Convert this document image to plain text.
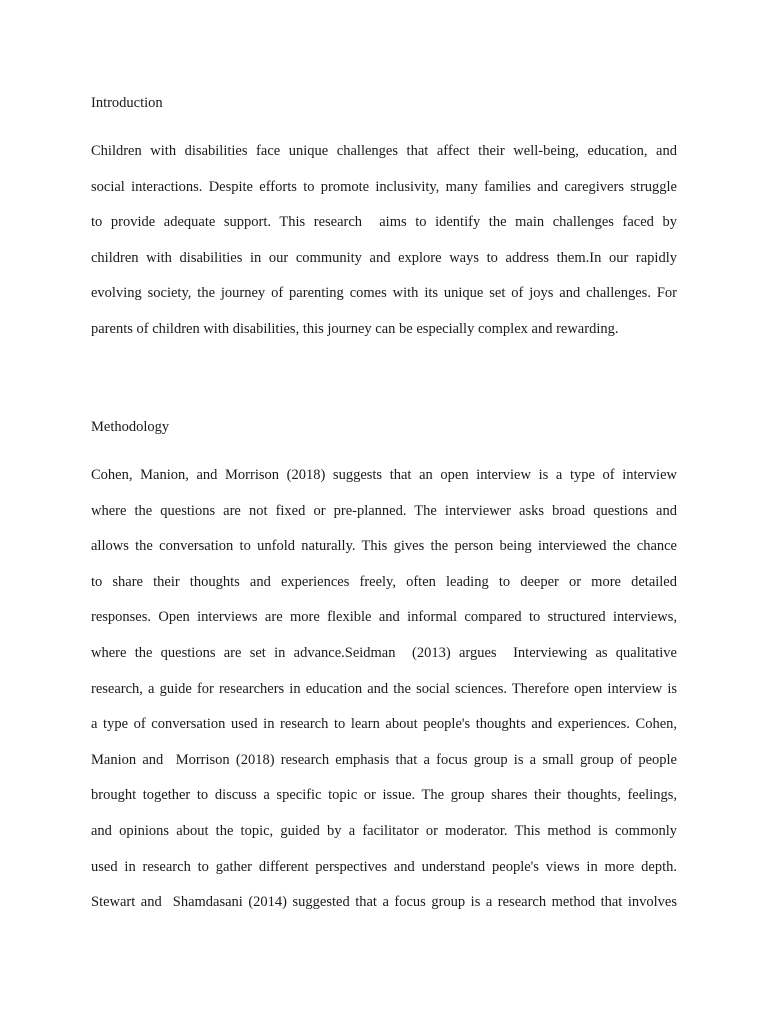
Introduction
Children with disabilities face unique challenges that affect their well-being, education, and
social interactions. Despite efforts to promote inclusivity, many families and caregivers struggle
to provide adequate support. This research  aims to identify the main challenges faced by
children with disabilities in our community and explore ways to address them.In our rapidly
evolving society, the journey of parenting comes with its unique set of joys and challenges. For
parents of children with disabilities, this journey can be especially complex and rewarding.
Methodology
Cohen, Manion, and Morrison (2018) suggests that an open interview is a type of interview
where the questions are not fixed or pre-planned. The interviewer asks broad questions and
allows the conversation to unfold naturally. This gives the person being interviewed the chance
to share their thoughts and experiences freely, often leading to deeper or more detailed
responses. Open interviews are more flexible and informal compared to structured interviews,
where the questions are set in advance.Seidman  (2013) argues  Interviewing as qualitative
research, a guide for researchers in education and the social sciences. Therefore open interview is
a type of conversation used in research to learn about people's thoughts and experiences. Cohen,
Manion and  Morrison (2018) research emphasis that a focus group is a small group of people
brought together to discuss a specific topic or issue. The group shares their thoughts, feelings,
and opinions about the topic, guided by a facilitator or moderator. This method is commonly
used in research to gather different perspectives and understand people's views in more depth.
Stewart and  Shamdasani (2014) suggested that a focus group is a research method that involves
